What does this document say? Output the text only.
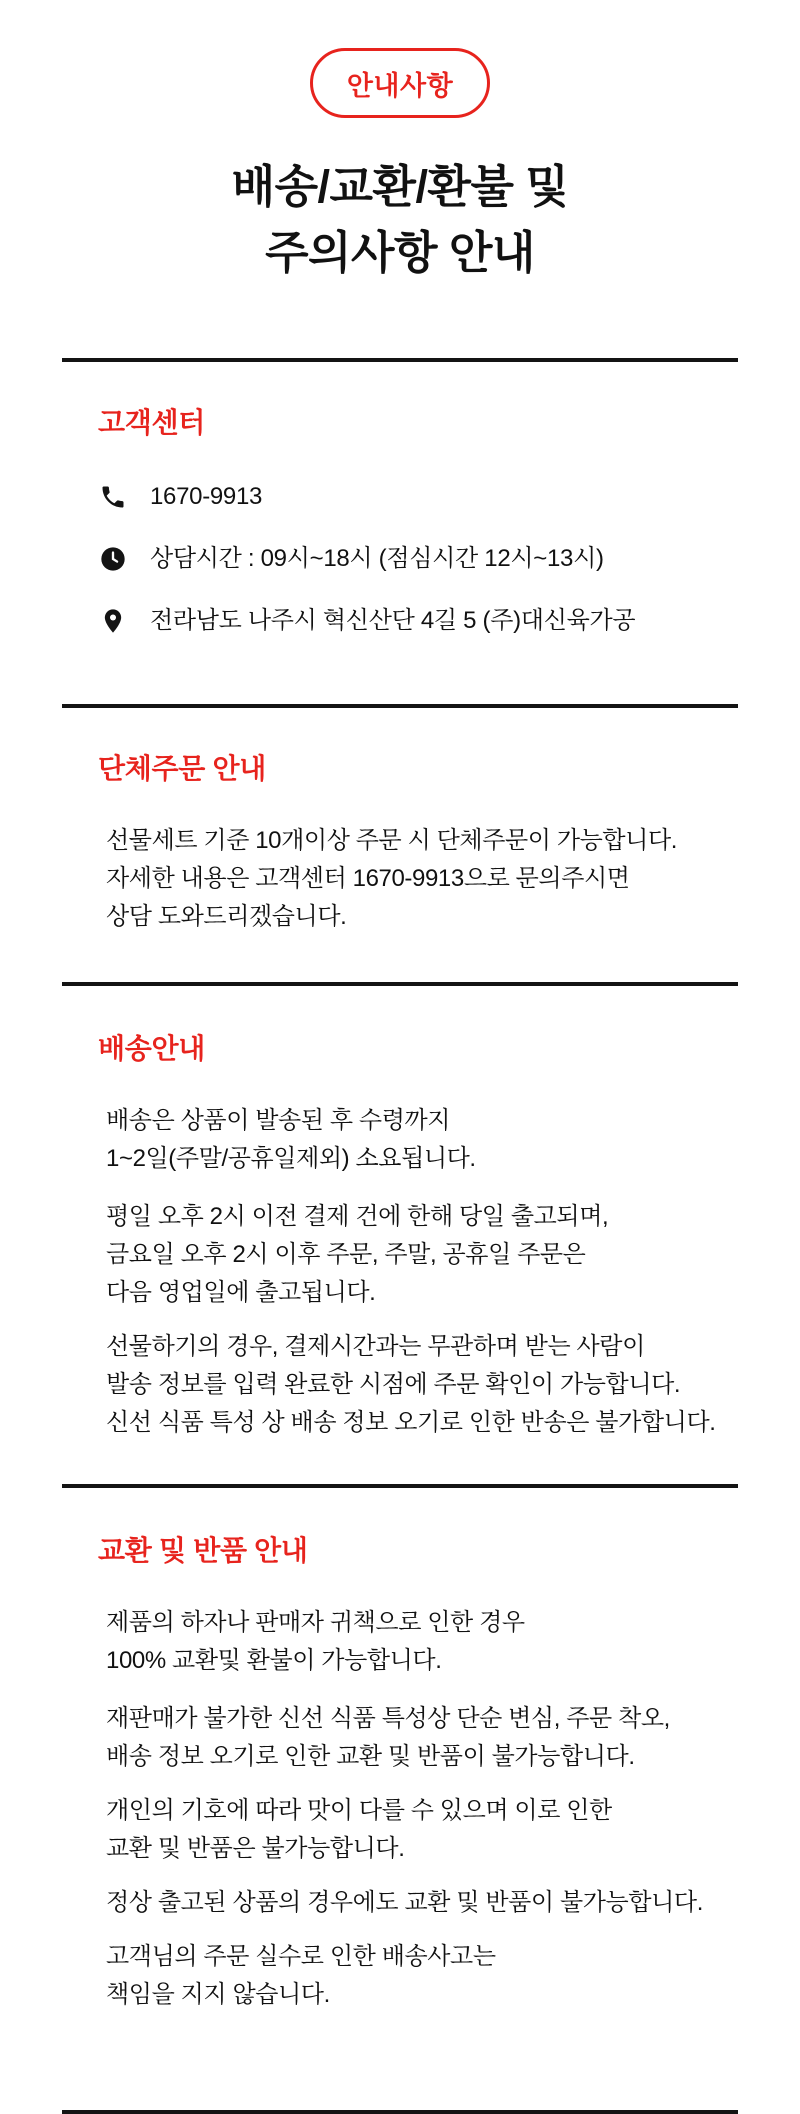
안내사항
배송/교환/환불 및
주의사항 안내
고객센터
1670-9913
상담시간 : 09시~18시 (점심시간 12시~13시)
전라남도 나주시 혁신산단 4길 5 (주)대신육가공
단체주문 안내

선물세트 기준 10개이상 주문 시 단체주문이 가능합니다.
자세한 내용은 고객센터 1670-9913으로 문의주시면
상담 도와드리겠습니다.

배송안내

배송은 상품이 발송된 후 수령까지
1~2일(주말/공휴일제외) 소요됩니다.

평일 오후 2시 이전 결제 건에 한해 당일 출고되며,
금요일 오후 2시 이후 주문, 주말, 공휴일 주문은
다음 영업일에 출고됩니다.

선물하기의 경우, 결제시간과는 무관하며 받는 사람이
발송 정보를 입력 완료한 시점에 주문 확인이 가능합니다.
신선 식품 특성 상 배송 정보 오기로 인한 반송은 불가합니다.

교환 및 반품 안내

제품의 하자나 판매자 귀책으로 인한 경우
100% 교환및 환불이 가능합니다.

재판매가 불가한 신선 식품 특성상 단순 변심, 주문 착오,
배송 정보 오기로 인한 교환 및 반품이 불가능합니다.

개인의 기호에 따라 맛이 다를 수 있으며 이로 인한
교환 및 반품은 불가능합니다.

정상 출고된 상품의 경우에도 교환 및 반품이 불가능합니다.

고객님의 주문 실수로 인한 배송사고는
책임을 지지 않습니다.
